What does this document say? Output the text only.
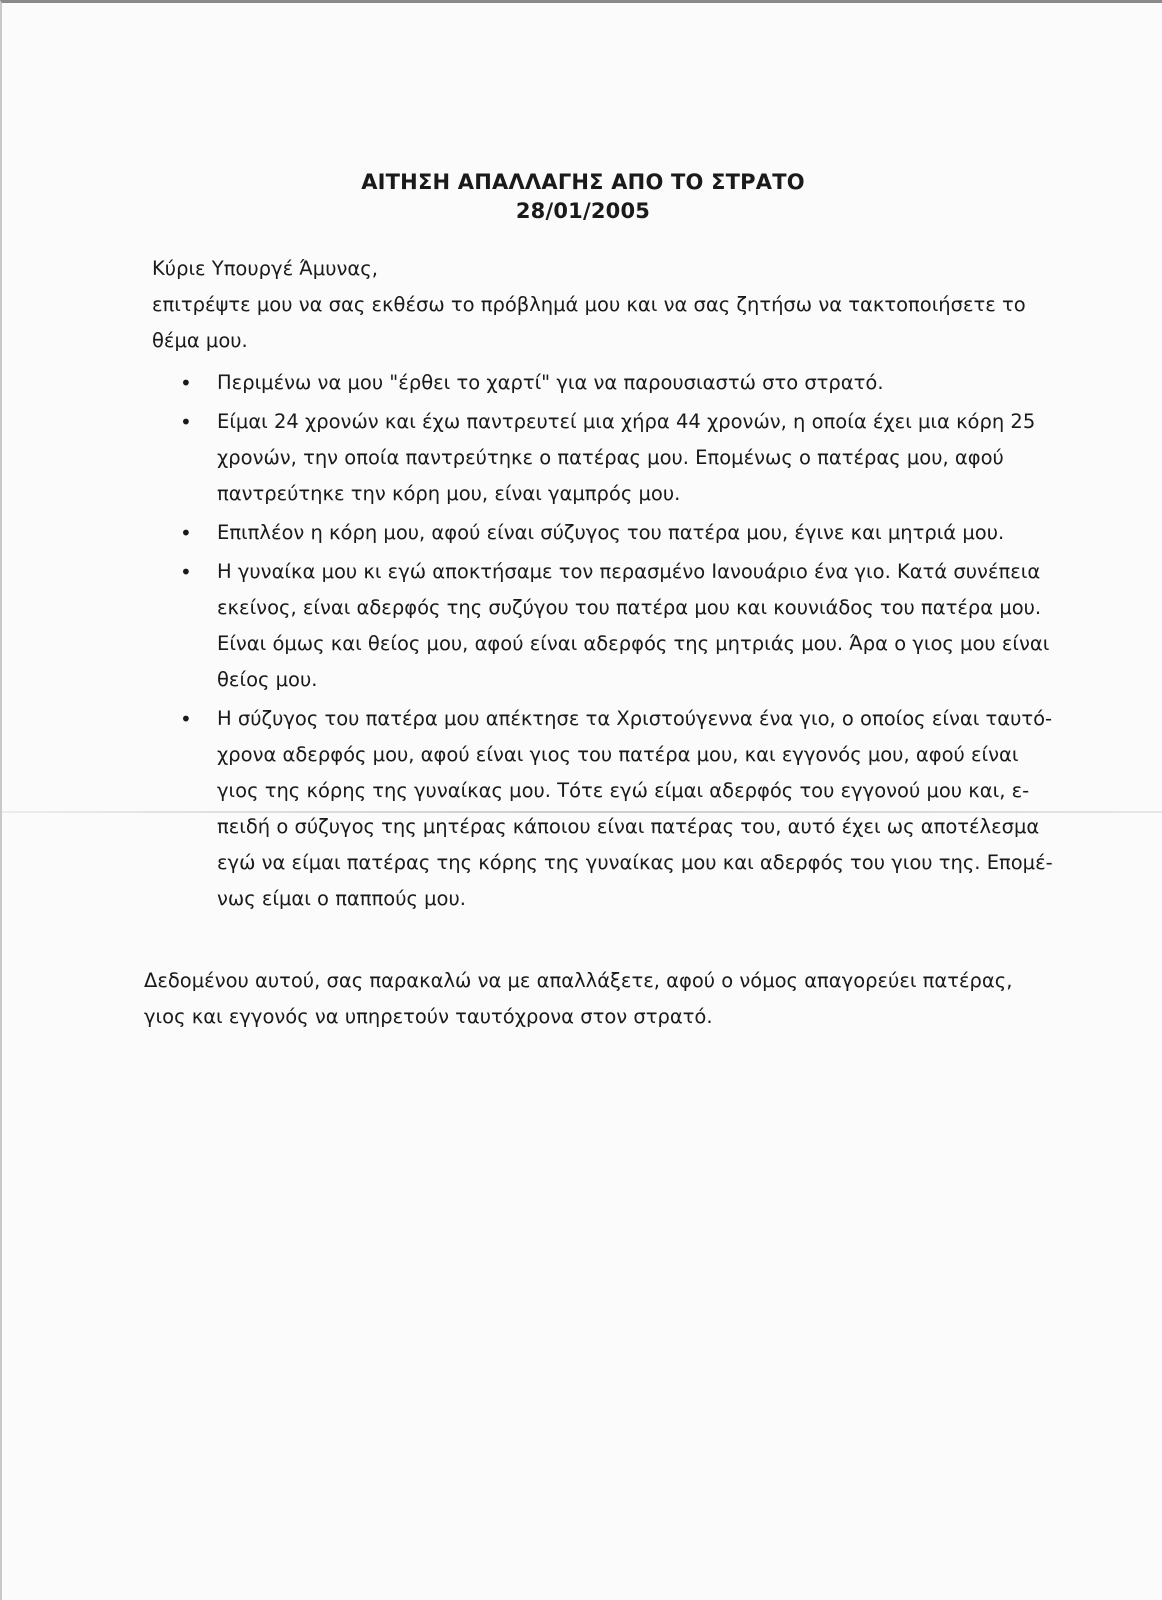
ΑΙΤΗΣΗ ΑΠΑΛΛΑΓΗΣ ΑΠΟ ΤΟ ΣΤΡΑΤΟ
28/01/2005

Κύριε Υπουργέ Άμυνας,

επιτρέψτε μου να σας εκθέσω το πρόβλημά μου και να σας ζητήσω να τακτοποιήσετε το θέμα μου.

• Περιμένω να μου "έρθει το χαρτί" για να παρουσιαστώ στο στρατό.
• Είμαι 24 χρονών και έχω παντρευτεί μια χήρα 44 χρονών, η οποία έχει μια κόρη 25 χρονών, την οποία παντρεύτηκε ο πατέρας μου. Επομένως ο πατέρας μου, αφού παντρεύτηκε την κόρη μου, είναι γαμπρός μου.
• Επιπλέον η κόρη μου, αφού είναι σύζυγος του πατέρα μου, έγινε και μητριά μου.
• Η γυναίκα μου κι εγώ αποκτήσαμε τον περασμένο Ιανουάριο ένα γιο. Κατά συνέπεια εκείνος, είναι αδερφός της συζύγου του πατέρα μου και κουνιάδος του πατέρα μου. Είναι όμως και θείος μου, αφού είναι αδερφός της μητριάς μου. Άρα ο γιος μου είναι θείος μου.
• Η σύζυγος του πατέρα μου απέκτησε τα Χριστούγεννα ένα γιο, ο οποίος είναι ταυτό- χρονα αδερφός μου, αφού είναι γιος του πατέρα μου, και εγγονός μου, αφού είναι γιος της κόρης της γυναίκας μου. Τότε εγώ είμαι αδερφός του εγγονού μου και, ε- πειδή ο σύζυγος της μητέρας κάποιου είναι πατέρας του, αυτό έχει ως αποτέλεσμα εγώ να είμαι πατέρας της κόρης της γυναίκας μου και αδερφός του γιου της. Επομέ- νως είμαι ο παππούς μου.

Δεδομένου αυτού, σας παρακαλώ να με απαλλάξετε, αφού ο νόμος απαγορεύει πατέρας, γιος και εγγονός να υπηρετούν ταυτόχρονα στον στρατό.
